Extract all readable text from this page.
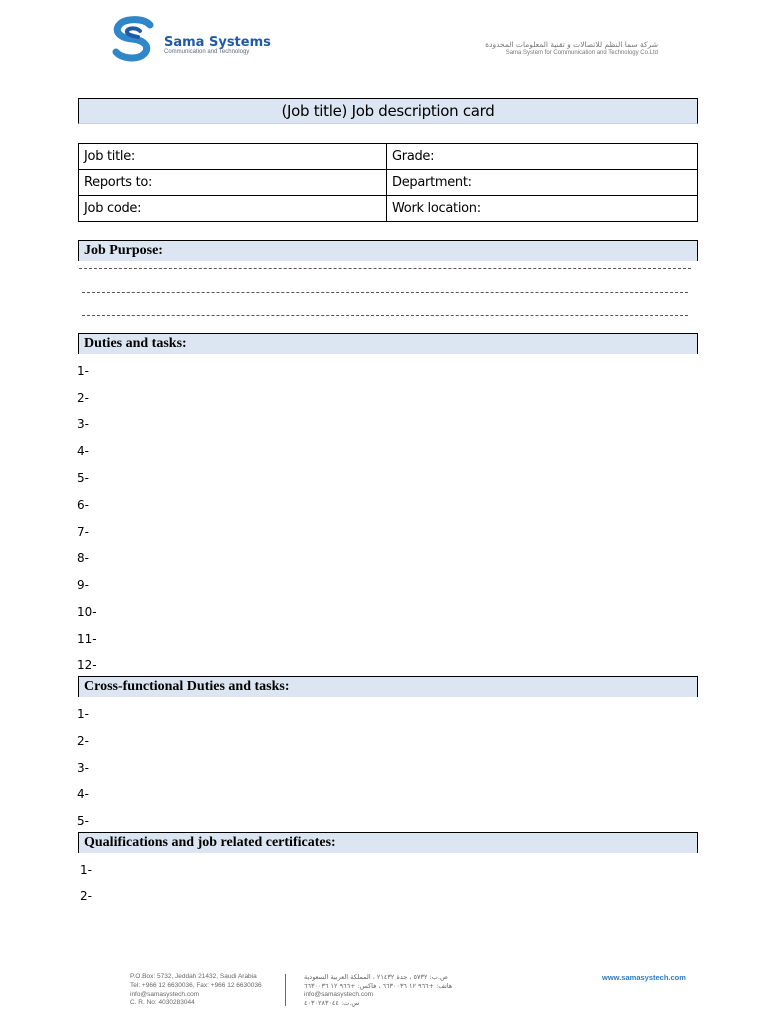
Sama Systems
Communication and Technology
شركة سما النظم للاتصالات و تقنية المعلومات المحدودة
Sama System for Communication and Technology Co.Ltd
(Job title) Job description card
Job title:	Grade:
Reports to:	Department:
Job code:	Work location:
Job Purpose:
Duties and tasks:
1-
2-
3-
4-
5-
6-
7-
8-
9-
10-
11-
12-
Cross-functional Duties and tasks:
1-
2-
3-
4-
5-
Qualifications and job related certificates:
1-
2-
P.O.Box: 5732, Jeddah 21432, Saudi Arabia
Tel: +966 12 6630036, Fax: +966 12 6630036
info@samasystech.com
C. R. No: 4030283044
ص.ب: ٥٧٣٢ ، جدة ٢١٤٣٢ ، المملكة العربية السعودية
هاتف: +٩٦٦ ١٢ ٦٦٣٠٠٣٦ ، فاكس: +٩٦٦ ١٢ ٦٦٣٠٠٣٦
info@samasystech.com
س.ت: ٤٠٣٠٢٨٣٠٤٤
www.samasystech.com
